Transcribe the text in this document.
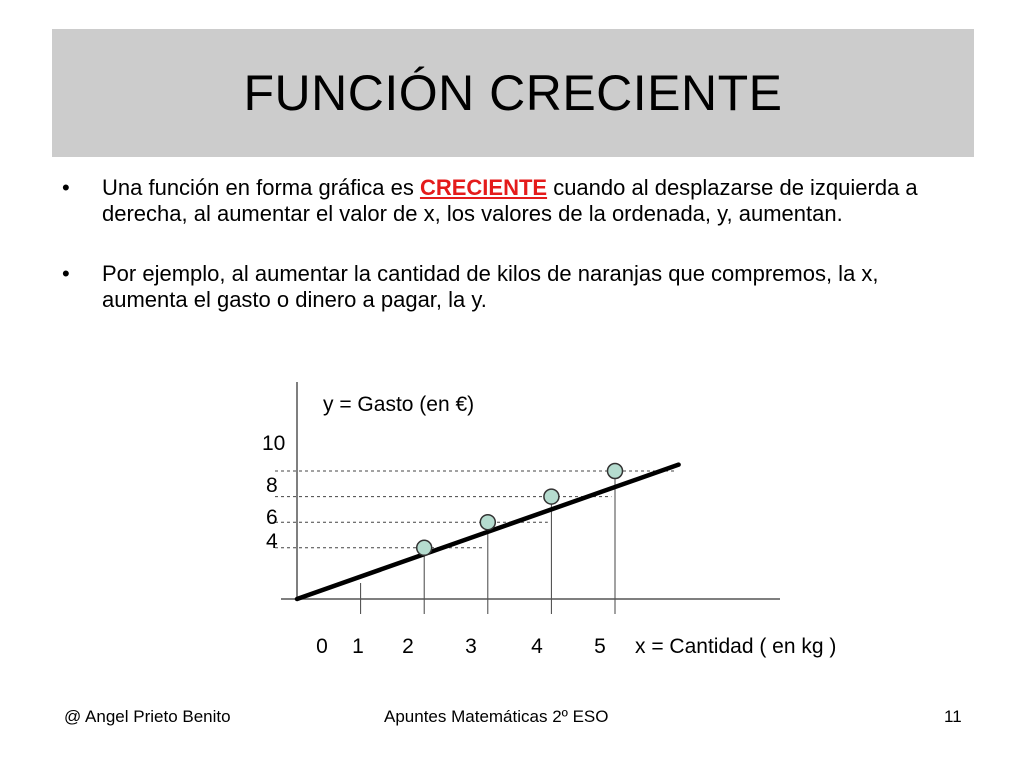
FUNCIÓN CRECIENTE
• Una función en forma gráfica es CRECIENTE cuando al desplazarse de izquierda a derecha, al aumentar el valor de x, los valores de la ordenada, y, aumentan.
• Por ejemplo, al aumentar la cantidad de kilos de naranjas que compremos, la x, aumenta el gasto o dinero a pagar, la y.
0 1 2 3	4 5
4
6
8
10
y = Gasto (en €)
x = Cantidad ( en kg )
@ Angel Prieto Benito	Apuntes Matemáticas 2º ESO	11
